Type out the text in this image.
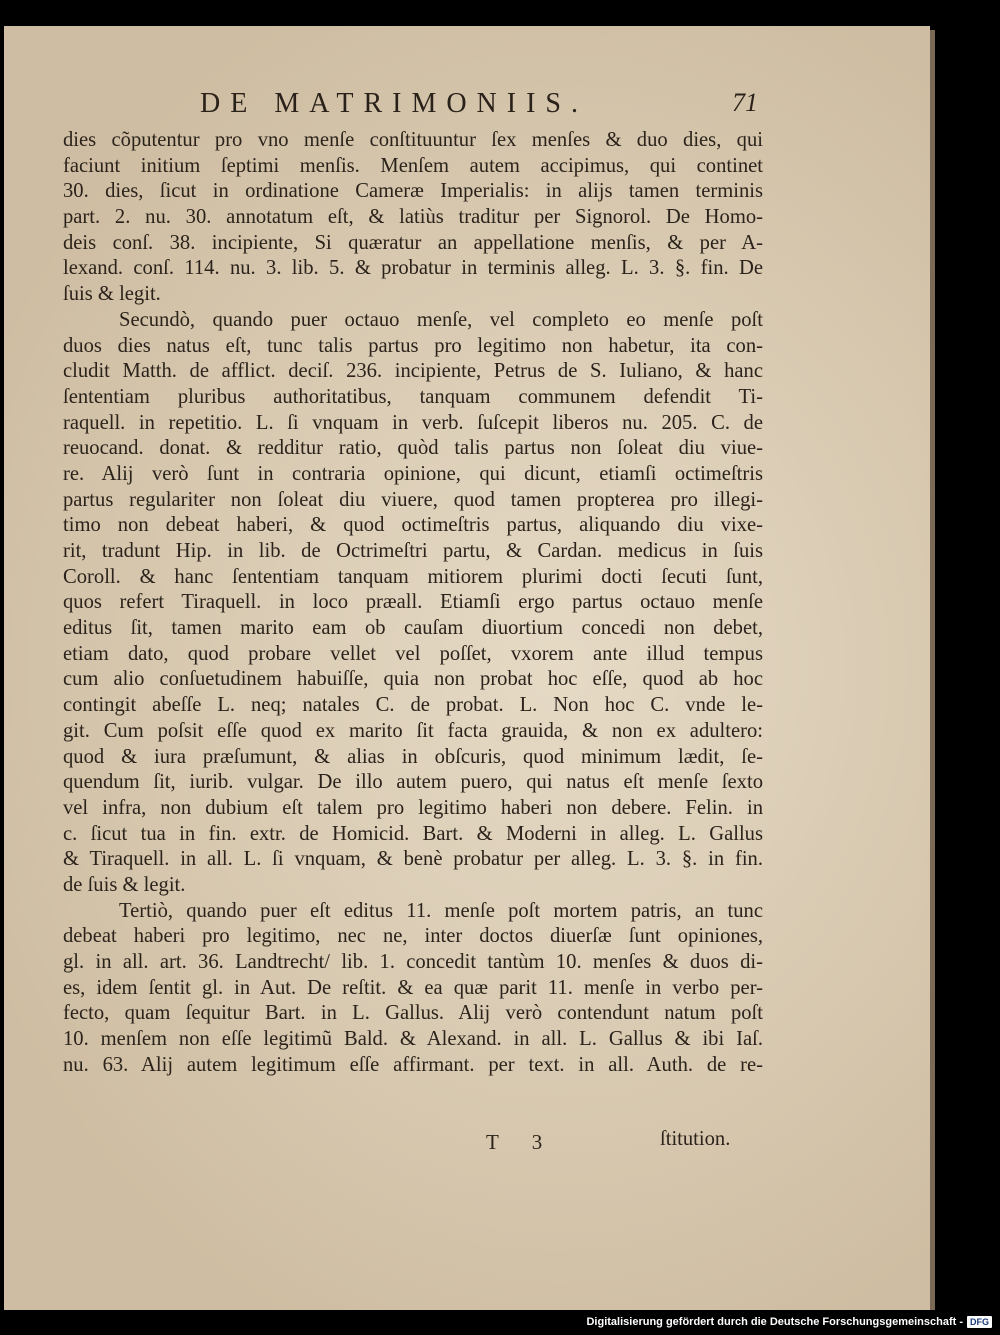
DE MATRIMONIIS.	71
dies cõputentur pro vno menſe conſtituuntur ſex menſes & duo dies, qui
faciunt initium ſeptimi menſis. Menſem autem accipimus, qui continet
30. dies, ſicut in ordinatione Cameræ Imperialis: in alijs tamen terminis
part. 2. nu. 30. annotatum eſt, & latiùs traditur per Signorol. De Homo-
deis conſ. 38. incipiente, Si quæratur an appellatione menſis, & per A-
lexand. conſ. 114. nu. 3. lib. 5. & probatur in terminis alleg. L. 3. §. fin. De
ſuis & legit.
Secundò, quando puer octauo menſe, vel completo eo menſe poſt
duos dies natus eſt, tunc talis partus pro legitimo non habetur, ita con-
cludit Matth. de afflict. deciſ. 236. incipiente, Petrus de S. Iuliano, & hanc
ſententiam pluribus authoritatibus, tanquam communem defendit Ti-
raquell. in repetitio. L. ſi vnquam in verb. ſuſcepit liberos nu. 205. C. de
reuocand. donat. & redditur ratio, quòd talis partus non ſoleat diu viue-
re. Alij verò ſunt in contraria opinione, qui dicunt, etiamſi octimeſtris
partus regulariter non ſoleat diu viuere, quod tamen propterea pro illegi-
timo non debeat haberi, & quod octimeſtris partus, aliquando diu vixe-
rit, tradunt Hip. in lib. de Octrimeſtri partu, & Cardan. medicus in ſuis
Coroll. & hanc ſententiam tanquam mitiorem plurimi docti ſecuti ſunt,
quos refert Tiraquell. in loco præall. Etiamſi ergo partus octauo menſe
editus ſit, tamen marito eam ob cauſam diuortium concedi non debet,
etiam dato, quod probare vellet vel poſſet, vxorem ante illud tempus
cum alio conſuetudinem habuiſſe, quia non probat hoc eſſe, quod ab hoc
contingit abeſſe L. neq; natales C. de probat. L. Non hoc C. vnde le-
git. Cum poſsit eſſe quod ex marito ſit facta grauida, & non ex adultero:
quod & iura præſumunt, & alias in obſcuris, quod minimum lædit, ſe-
quendum ſit, iurib. vulgar. De illo autem puero, qui natus eſt menſe ſexto
vel infra, non dubium eſt talem pro legitimo haberi non debere. Felin. in
c. ſicut tua in fin. extr. de Homicid. Bart. & Moderni in alleg. L. Gallus
& Tiraquell. in all. L. ſi vnquam, & benè probatur per alleg. L. 3. §. in fin.
de ſuis & legit.
Tertiò, quando puer eſt editus 11. menſe poſt mortem patris, an tunc
debeat haberi pro legitimo, nec ne, inter doctos diuerſæ ſunt opiniones,
gl. in all. art. 36. Landtrecht/ lib. 1. concedit tantùm 10. menſes & duos di-
es, idem ſentit gl. in Aut. De reſtit. & ea quæ parit 11. menſe in verbo per-
fecto, quam ſequitur Bart. in L. Gallus. Alij verò contendunt natum poſt
10. menſem non eſſe legitimũ Bald. & Alexand. in all. L. Gallus & ibi Iaſ.
nu. 63. Alij autem legitimum eſſe affirmant. per text. in all. Auth. de re-
T 3	ſtitution.
Digitalisierung gefördert durch die Deutsche Forschungsgemeinschaft - DFG
